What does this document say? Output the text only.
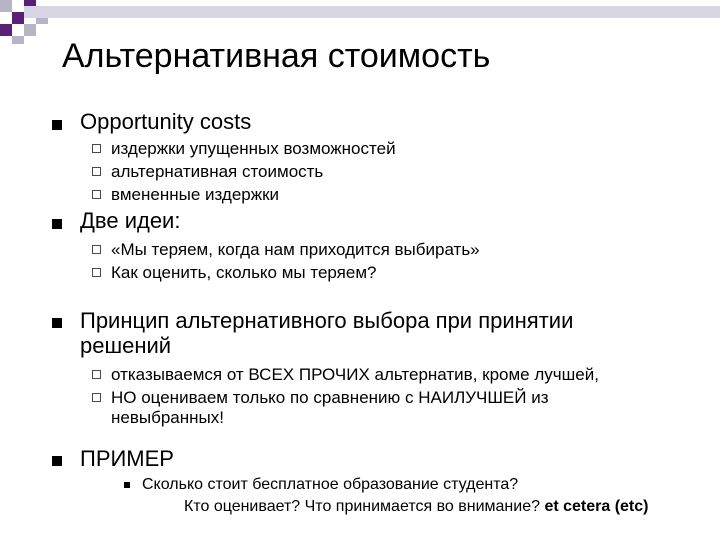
Альтернативная стоимость
Opportunity costs
издержки упущенных возможностей
альтернативная стоимость
вмененные издержки
Две идеи:
«Мы теряем, когда нам приходится выбирать»
Как оценить, сколько мы теряем?
Принцип альтернативного выбора при принятии
решений
отказываемся от ВСЕХ ПРОЧИХ альтернатив, кроме лучшей,
НО оцениваем только по сравнению с НАИЛУЧШЕЙ из
невыбранных!
ПРИМЕР
Сколько стоит бесплатное образование студента?
Кто оценивает? Что принимается во внимание? et cetera (etc)
